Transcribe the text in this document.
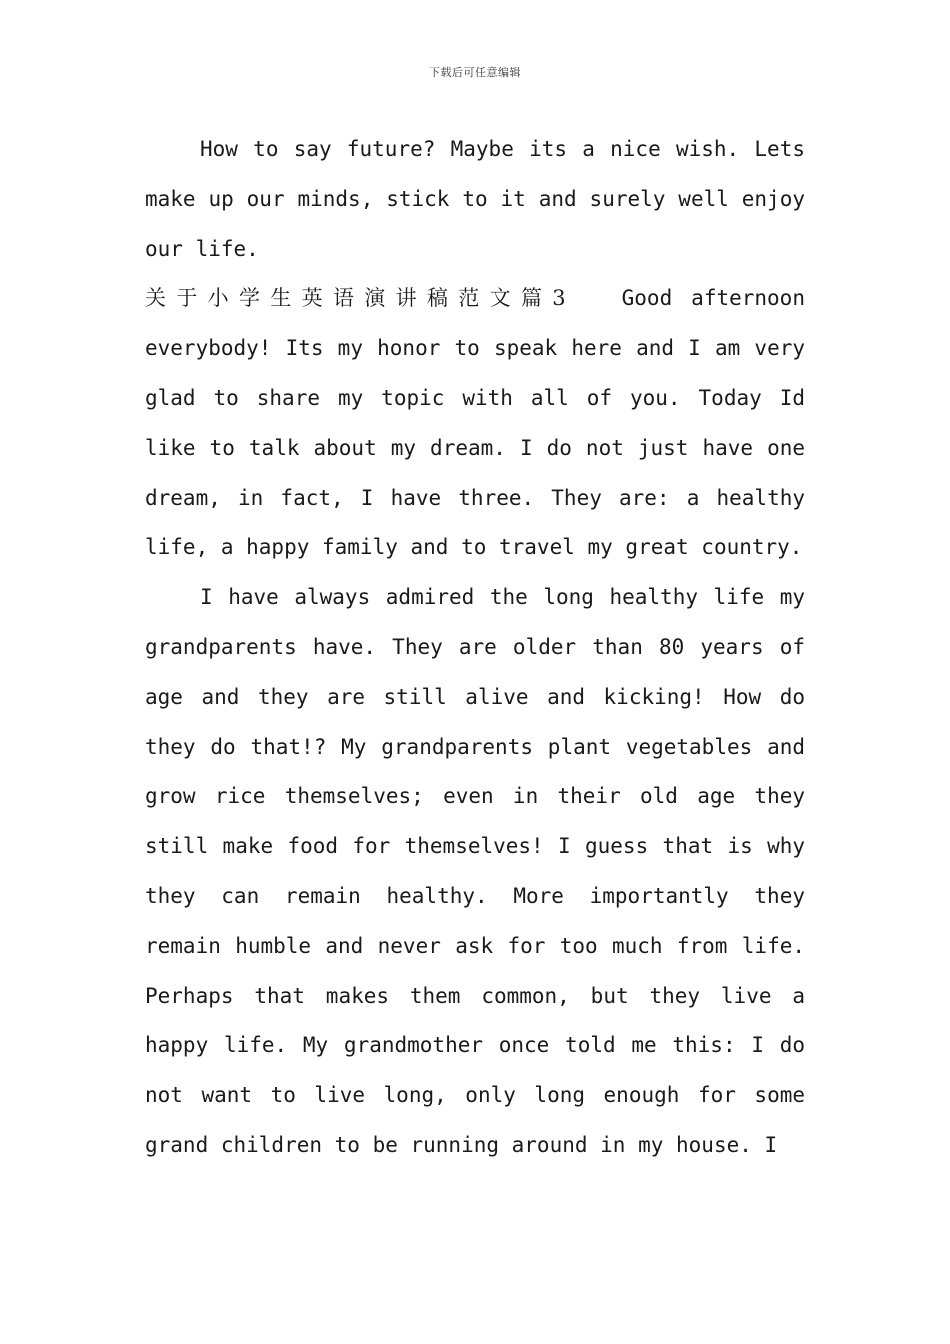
下载后可任意编辑

How to say future? Maybe its a nice wish. Lets make up our minds, stick to it and surely well enjoy our life.

关于小学生英语演讲稿范文篇3 Good afternoon everybody! Its my honor to speak here and I am very glad to share my topic with all of you. Today Id like to talk about my dream. I do not just have one dream, in fact, I have three. They are: a healthy life, a happy family and to travel my great country.

I have always admired the long healthy life my grandparents have. They are older than 80 years of age and they are still alive and kicking! How do they do that!? My grandparents plant vegetables and grow rice themselves; even in their old age they still make food for themselves! I guess that is why they can remain healthy. More importantly they remain humble and never ask for too much from life. Perhaps that makes them common, but they live a happy life. My grandmother once told me this: I do not want to live long, only long enough for some grand children to be running around in my house. I
